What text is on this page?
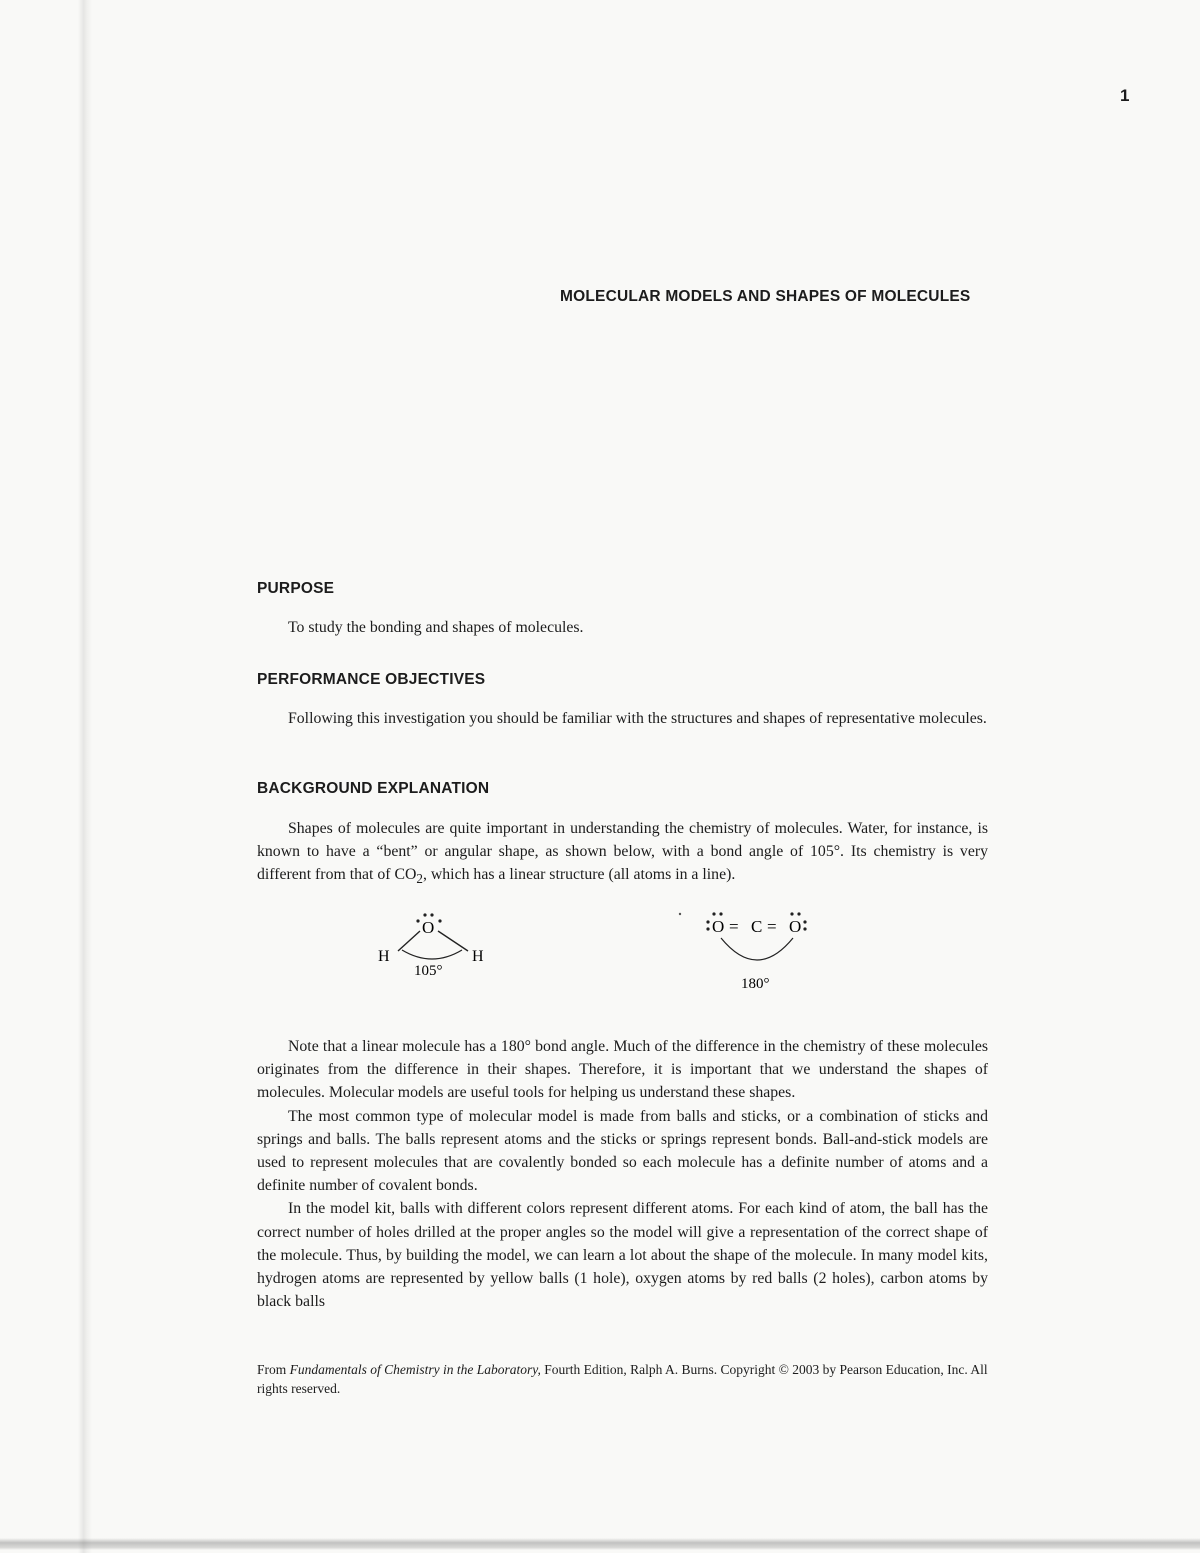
1
MOLECULAR MODELS AND SHAPES OF MOLECULES
PURPOSE
To study the bonding and shapes of molecules.
PERFORMANCE OBJECTIVES

Following this investigation you should be familiar with the structures and shapes of representative molecules.

BACKGROUND EXPLANATION

Shapes of molecules are quite important in understanding the chemistry of molecules. Water, for instance, is known to have a “bent” or angular shape, as shown below, with a bond angle of 105°. Its chemistry is very different from that of $CO_2$, which has a linear structure (all atoms in a line).

O
H	H
105°
O = C = O
180°

Note that a linear molecule has a 180° bond angle. Much of the difference in the chemistry of these molecules originates from the difference in their shapes. Therefore, it is important that we understand the shapes of molecules. Molecular models are useful tools for helping us understand these shapes.

The most common type of molecular model is made from balls and sticks, or a combination of sticks and springs and balls. The balls represent atoms and the sticks or springs represent bonds. Ball-and-stick models are used to represent molecules that are covalently bonded so each molecule has a definite number of atoms and a definite number of covalent bonds.

In the model kit, balls with different colors represent different atoms. For each kind of atom, the ball has the correct number of holes drilled at the proper angles so the model will give a representation of the correct shape of the molecule. Thus, by building the model, we can learn a lot about the shape of the molecule. In many model kits, hydrogen atoms are represented by yellow balls (1 hole), oxygen atoms by red balls (2 holes), carbon atoms by black balls

From Fundamentals of Chemistry in the Laboratory, Fourth Edition, Ralph A. Burns. Copyright © 2003 by Pearson Education, Inc. All rights reserved.
